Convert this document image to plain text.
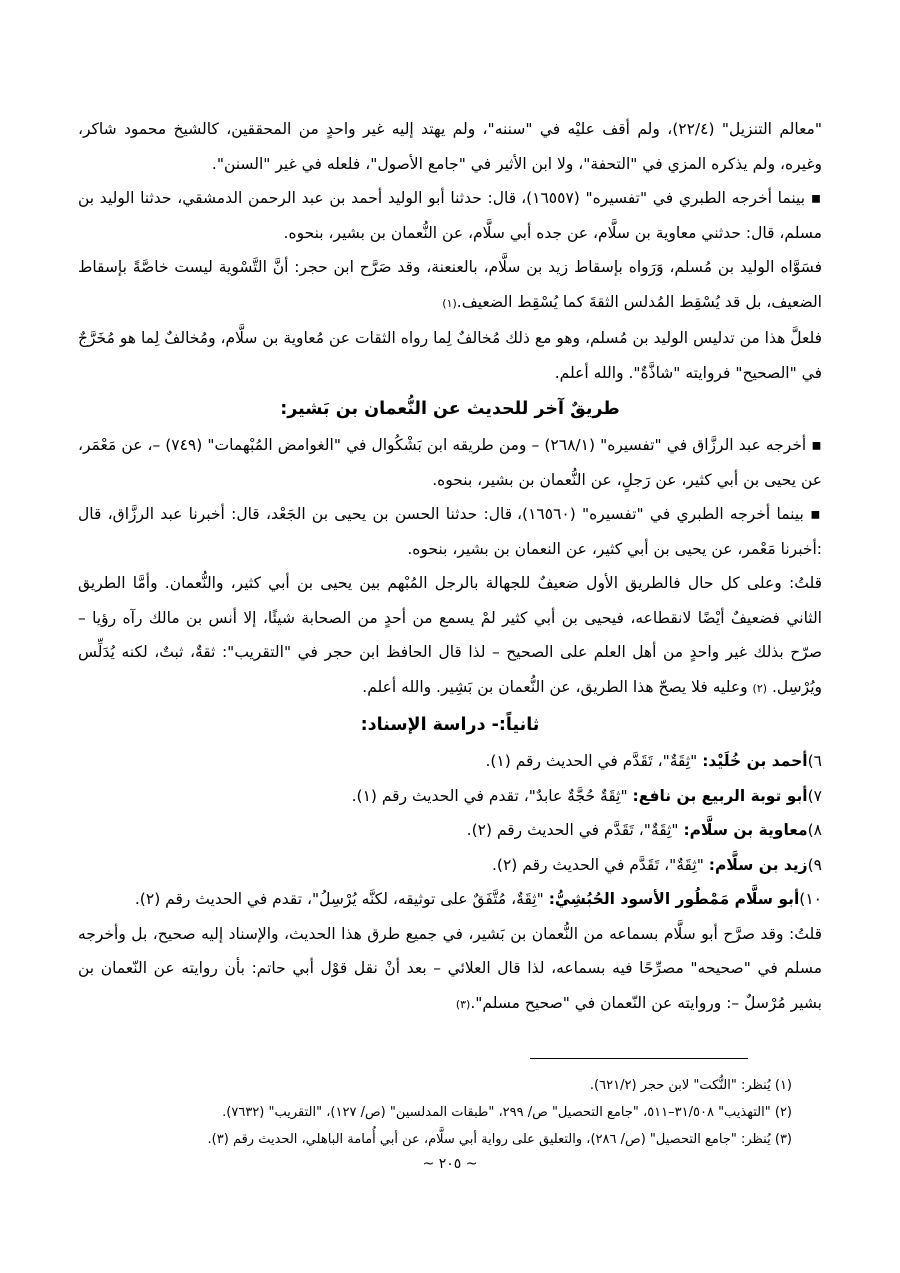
"معالم التنزيل" (٢٢/٤)، ولم أقف عليْه في "سننه"، ولم يهتد إليه غير واحدٍ من المحققين، كالشيخ محمود شاكر، وغيره، ولم يذكره المزي في "التحفة"، ولا ابن الأثير في "جامع الأصول"، فلعله في غير "السنن".

▪ بينما أخرجه الطبري في "تفسيره" (١٦٥٥٧)، قال: حدثنا أبو الوليد أحمد بن عبد الرحمن الدمشقي، حدثنا الوليد بن مسلم، قال: حدثني معاوية بن سلَّام، عن جده أبي سلَّام، عن النُّعمان بن بشير، بنحوه.

فسَوَّاه الوليد بن مُسلم، وَرَواه بإسقاط زيد بن سلَّام، بالعنعنة، وقد صَرَّح ابن حجر: أنَّ التَّسْوية ليست خاصَّةً بإسقاط الضعيف، بل قد يُسْقِط المُدلس الثقةَ كما يُسْقِط الضعيف.(١)

فلعلَّ هذا من تدليس الوليد بن مُسلم، وهو مع ذلك مُخالفٌ لِما رواه الثقات عن مُعاوية بن سلَّام، ومُخالفٌ لِما هو مُخَرَّجٌ في "الصحيح" فروايته "شاذَّةٌ". والله أعلم.

طريقٌ آخر للحديث عن النُّعمان بن بَشير:

▪ أخرجه عبد الرزَّاق في "تفسيره" (٢٦٨/١) – ومن طريقه ابن بَشْكُوال في "الغوامض المُبْهمات" (٧٤٩) –، عن مَعْمَر، عن يحيى بن أبي كثير، عن رَجلٍ، عن النُّعمان بن بشير، بنحوه.

▪ بينما أخرجه الطبري في "تفسيره" (١٦٥٦٠)، قال: حدثنا الحسن بن يحيى بن الجَعْد، قال: أخبرنا عبد الرزَّاق، قال :أخبرنا مَعْمر، عن يحيى بن أبي كثير، عن النعمان بن بشير، بنحوه.

قلتُ: وعلى كل حال فالطريق الأول ضعيفٌ للجهالة بالرجل المُبْهم بين يحيى بن أبي كثير، والنُّعمان. وأمَّا الطريق الثاني فضعيفٌ أيْضًا لانقطاعه، فيحيى بن أبي كثير لمْ يسمع من أحدٍ من الصحابة شيئًا، إلا أنس بن مالك رآه رؤيا – صرّح بذلك غير واحدٍ من أهل العلم على الصحيح – لذا قال الحافظ ابن حجر في "التقريب": ثقةٌ، ثبتٌ، لكنه يُدَلِّس ويُرْسِل. (٢) وعليه فلا يصحّ هذا الطريق، عن النُّعمان بن بَشِير. والله أعلم.

ثانياً:- دراسة الإسناد:

٦)أحمد بن خُلَيْد: "ثِقَةٌ"، تَقَدَّم في الحديث رقم (١).

٧)أبو توبة الربيع بن نافع: "ثِقَةٌ حُجَّةٌ عابدٌ"، تقدم في الحديث رقم (١).

٨)معاوية بن سلَّام: "ثِقَةٌ"، تَقَدَّم في الحديث رقم (٢).

٩)زيد بن سلَّام: "ثِقَةٌ"، تَقَدَّم في الحديث رقم (٢).

١٠)أبو سلَّام مَمْطُور الأسود الحُبُشِيُّ: "ثِقَةٌ، مُتَّفَقٌ على توثيقه، لكنَّه يُرْسِلُ"، تقدم في الحديث رقم (٢).

قلتُ: وقد صرَّح أبو سلَّام بسماعه من النُّعمان بن بَشير، في جميع طرق هذا الحديث، والإسناد إليه صحيح، بل وأخرجه مسلم في "صحيحه" مصرِّحًا فيه بسماعه، لذا قال العلائي – بعد أنْ نقل قوْل أبي حاتم: بأن روايته عن النّعمان بن بشير مُرْسلٌ –: وروايته عن النّعمان في "صحيح مسلم".(٣)

(١) يُنظر: "النُّكت" لابن حجر (٦٢١/٢).

(٢) "التهذيب" ٣١/٥٠٨–٥١١، "جامع التحصيل" ص/ ٢٩٩، "طبقات المدلسين" (ص/ ١٢٧)، "التقريب" (٧٦٣٢).

(٣) يُنظر: "جامع التحصيل" (ص/ ٢٨٦)، والتعليق على رواية أبي سلَّام، عن أبي أُمامة الباهلي، الحديث رقم (٣).

~ ٢٠٥ ~
